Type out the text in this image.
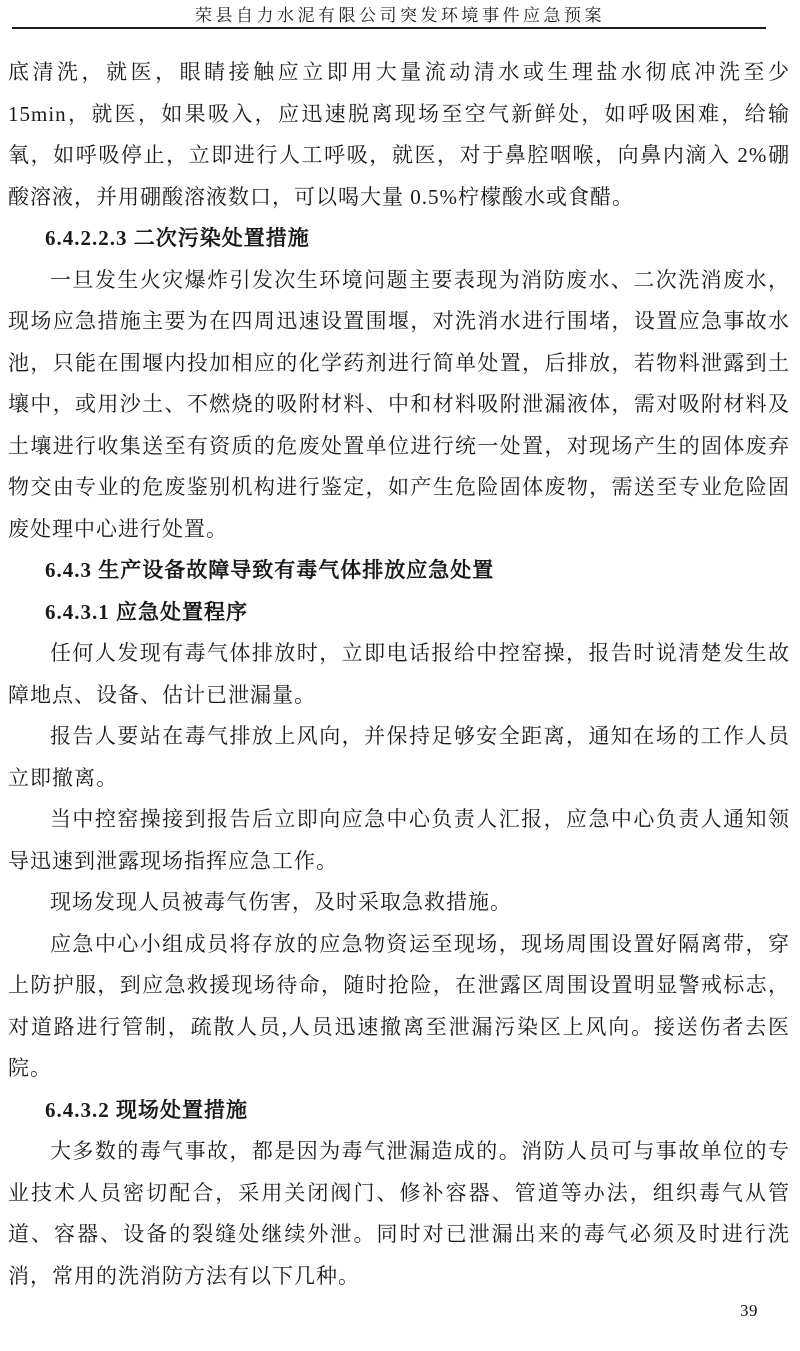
荣县自力水泥有限公司突发环境事件应急预案

底清洗，就医，眼睛接触应立即用大量流动清水或生理盐水彻底冲洗至少 15min，就医，如果吸入，应迅速脱离现场至空气新鲜处，如呼吸困难，给输氧，如呼吸停止，立即进行人工呼吸，就医，对于鼻腔咽喉，向鼻内滴入 2%硼酸溶液，并用硼酸溶液数口，可以喝大量 0.5%柠檬酸水或食醋。

6.4.2.2.3 二次污染处置措施

一旦发生火灾爆炸引发次生环境问题主要表现为消防废水、二次洗消废水，现场应急措施主要为在四周迅速设置围堰，对洗消水进行围堵，设置应急事故水池，只能在围堰内投加相应的化学药剂进行简单处置，后排放，若物料泄露到土壤中，或用沙土、不燃烧的吸附材料、中和材料吸附泄漏液体，需对吸附材料及土壤进行收集送至有资质的危废处置单位进行统一处置，对现场产生的固体废弃物交由专业的危废鉴别机构进行鉴定，如产生危险固体废物，需送至专业危险固废处理中心进行处置。

6.4.3 生产设备故障导致有毒气体排放应急处置
6.4.3.1 应急处置程序

任何人发现有毒气体排放时，立即电话报给中控窑操，报告时说清楚发生故障地点、设备、估计已泄漏量。

报告人要站在毒气排放上风向，并保持足够安全距离，通知在场的工作人员立即撤离。

当中控窑操接到报告后立即向应急中心负责人汇报，应急中心负责人通知领导迅速到泄露现场指挥应急工作。

现场发现人员被毒气伤害，及时采取急救措施。

应急中心小组成员将存放的应急物资运至现场，现场周围设置好隔离带，穿上防护服，到应急救援现场待命，随时抢险，在泄露区周围设置明显警戒标志，对道路进行管制，疏散人员,人员迅速撤离至泄漏污染区上风向。接送伤者去医院。

6.4.3.2 现场处置措施

大多数的毒气事故，都是因为毒气泄漏造成的。消防人员可与事故单位的专业技术人员密切配合，采用关闭阀门、修补容器、管道等办法，组织毒气从管道、容器、设备的裂缝处继续外泄。同时对已泄漏出来的毒气必须及时进行洗消，常用的洗消防方法有以下几种。

39
